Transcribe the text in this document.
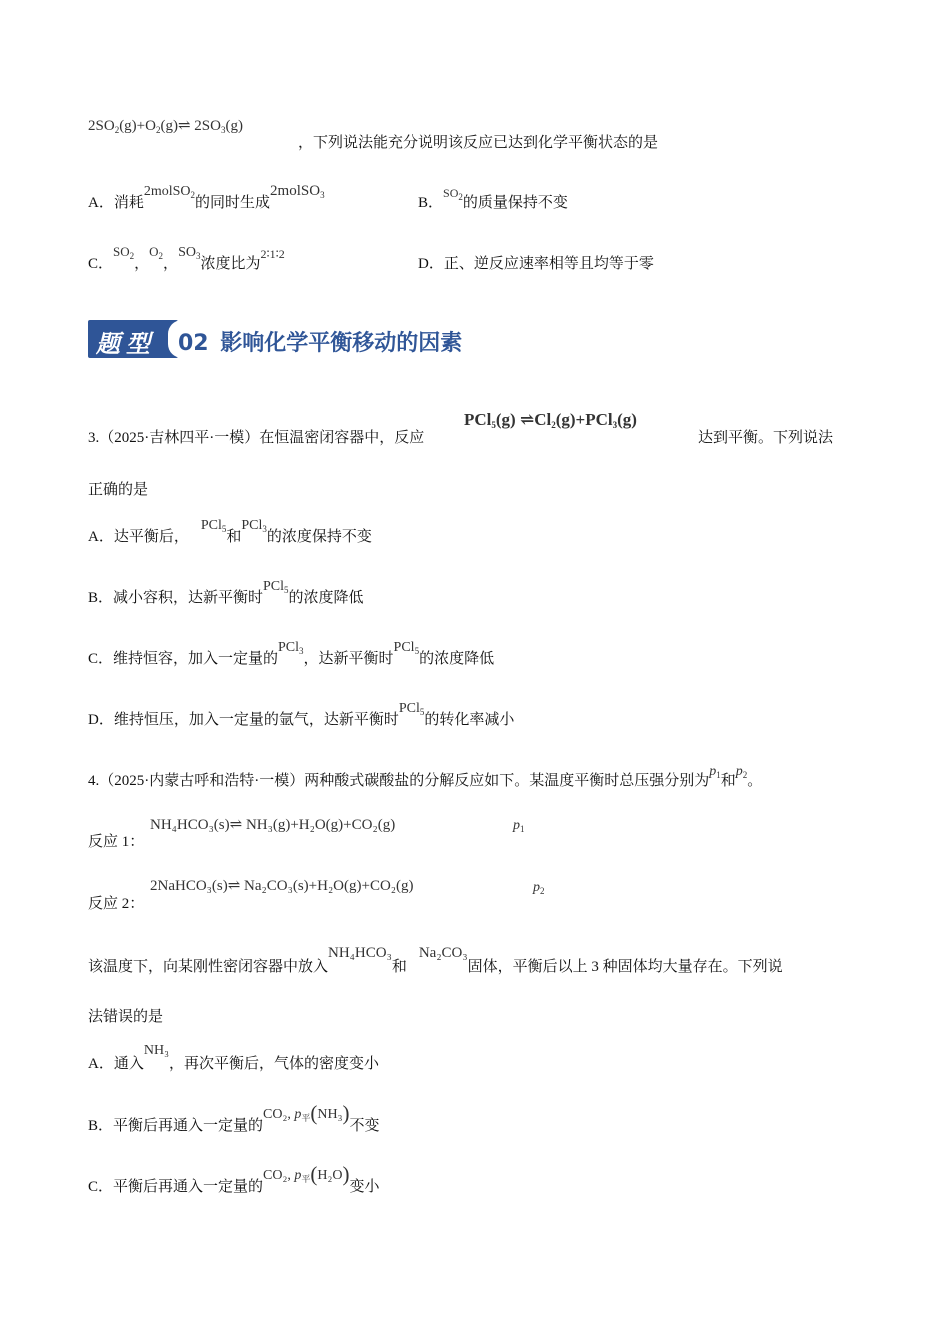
$2SO_2(g)+O_2(g)\rightleftharpoons$ $2SO_3(g)$
，下列说法能充分说明该反应已达到化学平衡状态的是
A．消耗2molSO$_2$的同时生成2molSO$_3$	B．$^{SO_2}$的质量保持不变
C．$SO_2$，$O_2$，$SO_3$浓度比为$^{2∶1∶2}$
D．正、逆反应速率相等且均等于零
题型 02 影响化学平衡移动的因素
3.（2025·吉林四平·一模）在恒温密闭容器中，反应
PCl$_5$(g) $\rightleftharpoons Cl_2(g)+PCl_3(g)$
达到平衡。下列说法
正确的是
A．达平衡后，PCl$_5$和PCl$_3$的浓度保持不变
B．减小容积，达新平衡时PCl$_5$的浓度降低
C．维持恒容，加入一定量的PCl$_3$，达新平衡时PCl$_5$的浓度降低
D．维持恒压，加入一定量的氩气，达新平衡时PCl$_5$的转化率减小
4.（2025·内蒙古呼和浩特·一模）两种酸式碳酸盐的分解反应如下。某温度平衡时总压强分别为$p_1$和$p_2$。
反应 1：
NH₄HCO₃(s)⇌ NH₃(g)+H₂O(g)+CO₂(g)	$p_1$
反应 2：
2NaHCO₃(s)⇌ Na₂CO₃(s)+H₂O(g)+CO₂(g)	$p_2$
该温度下，向某刚性密闭容器中放入NH₄HCO₃和Na₂CO₃固体，平衡后以上 3 种固体均大量存在。下列说
法错误的是
A．通入NH₃，再次平衡后，气体的密度变小
B．平衡后再通入一定量的CO₂, $p_平(NH_3)$不变
C．平衡后再通入一定量的CO₂, $p_平(H_2O)$变小
